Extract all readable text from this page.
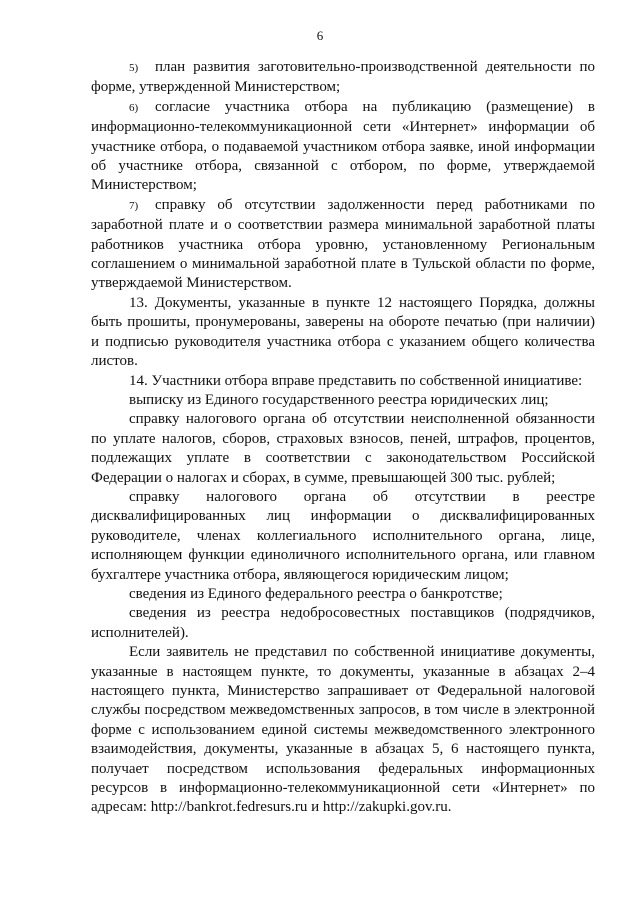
6

5) план развития заготовительно-производственной деятельности по форме, утвержденной Министерством;

6) согласие участника отбора на публикацию (размещение) в информационно-телекоммуникационной сети «Интернет» информации об участнике отбора, о подаваемой участником отбора заявке, иной информации об участнике отбора, связанной с отбором, по форме, утверждаемой Министерством;

7) справку об отсутствии задолженности перед работниками по заработной плате и о соответствии размера минимальной заработной платы работников участника отбора уровню, установленному Региональным соглашением о минимальной заработной плате в Тульской области по форме, утверждаемой Министерством.

13. Документы, указанные в пункте 12 настоящего Порядка, должны быть прошиты, пронумерованы, заверены на обороте печатью (при наличии) и подписью руководителя участника отбора с указанием общего количества листов.

14. Участники отбора вправе представить по собственной инициативе:

выписку из Единого государственного реестра юридических лиц;

справку налогового органа об отсутствии неисполненной обязанности по уплате налогов, сборов, страховых взносов, пеней, штрафов, процентов, подлежащих уплате в соответствии с законодательством Российской Федерации о налогах и сборах, в сумме, превышающей 300 тыс. рублей;

справку налогового органа об отсутствии в реестре дисквалифицированных лиц информации о дисквалифицированных руководителе, членах коллегиального исполнительного органа, лице, исполняющем функции единоличного исполнительного органа, или главном бухгалтере участника отбора, являющегося юридическим лицом;

сведения из Единого федерального реестра о банкротстве;

сведения из реестра недобросовестных поставщиков (подрядчиков, исполнителей).

Если заявитель не представил по собственной инициативе документы, указанные в настоящем пункте, то документы, указанные в абзацах 2–4 настоящего пункта, Министерство запрашивает от Федеральной налоговой службы посредством межведомственных запросов, в том числе в электронной форме с использованием единой системы межведомственного электронного взаимодействия, документы, указанные в абзацах 5, 6 настоящего пункта, получает посредством использования федеральных информационных ресурсов в информационно-телекоммуникационной сети «Интернет» по адресам: http://bankrot.fedresurs.ru и http://zakupki.gov.ru.
